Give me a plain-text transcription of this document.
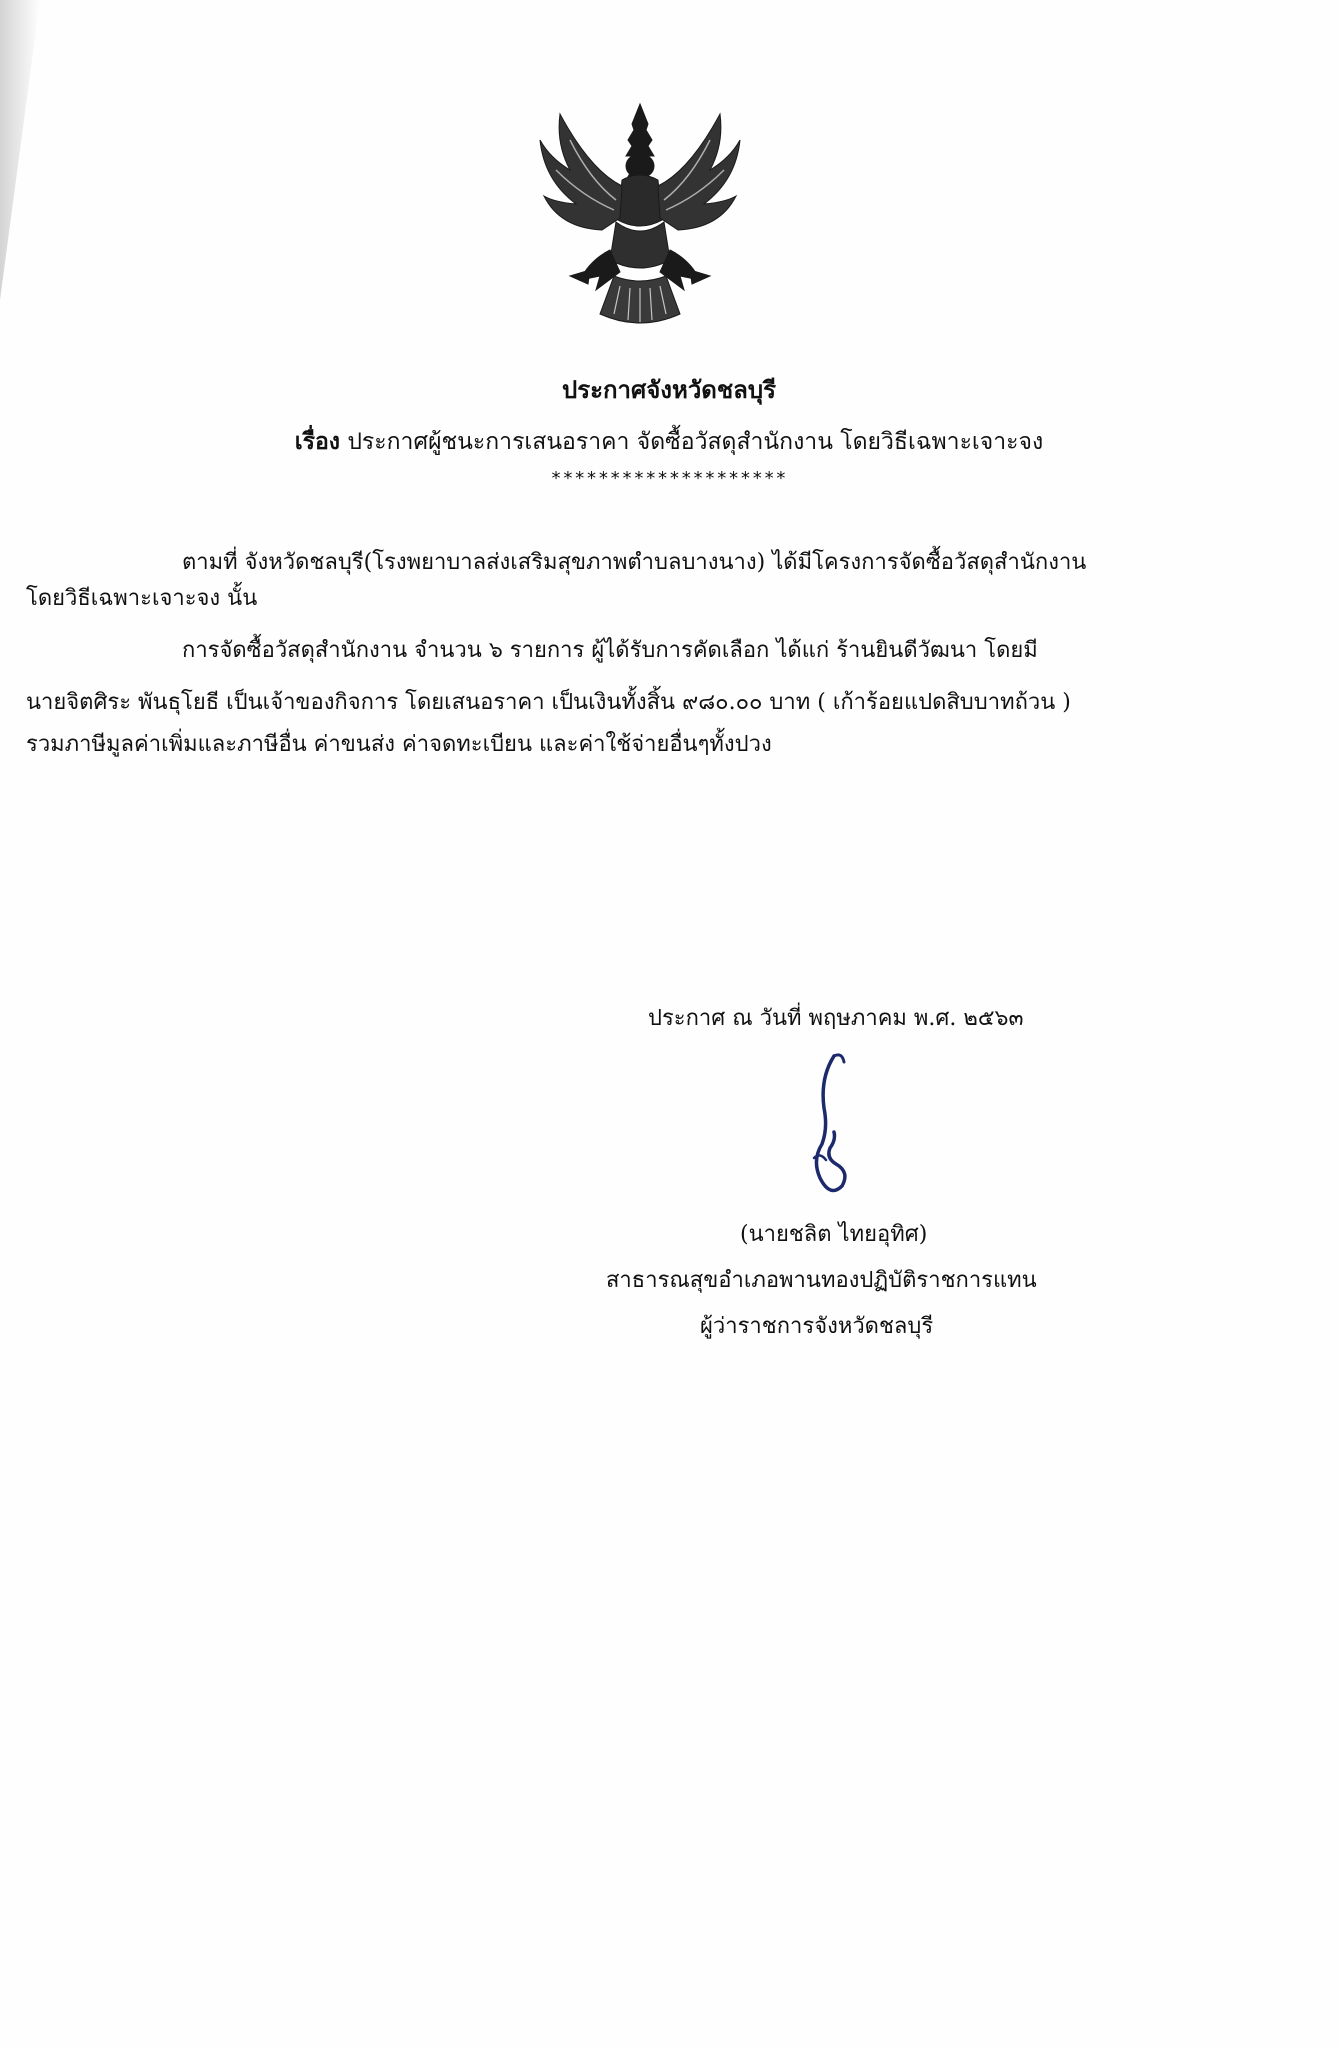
ประกาศจังหวัดชลบุรี
เรื่อง ประกาศผู้ชนะการเสนอราคา จัดซื้อวัสดุสำนักงาน โดยวิธีเฉพาะเจาะจง
********************
ตามที่ จังหวัดชลบุรี(โรงพยาบาลส่งเสริมสุขภาพตำบลบางนาง) ได้มีโครงการจัดซื้อวัสดุสำนักงาน
โดยวิธีเฉพาะเจาะจง นั้น
การจัดซื้อวัสดุสำนักงาน จำนวน ๖ รายการ ผู้ได้รับการคัดเลือก ได้แก่ ร้านยินดีวัฒนา โดยมี
นายจิตศิระ พันธุโยธี เป็นเจ้าของกิจการ โดยเสนอราคา เป็นเงินทั้งสิ้น ๙๘๐.๐๐ บาท ( เก้าร้อยแปดสิบบาทถ้วน )
รวมภาษีมูลค่าเพิ่มและภาษีอื่น ค่าขนส่ง ค่าจดทะเบียน และค่าใช้จ่ายอื่นๆทั้งปวง
ประกาศ ณ วันที่ พฤษภาคม พ.ศ. ๒๕๖๓
(นายชลิต ไทยอุทิศ)
สาธารณสุขอำเภอพานทองปฏิบัติราชการแทน
ผู้ว่าราชการจังหวัดชลบุรี
